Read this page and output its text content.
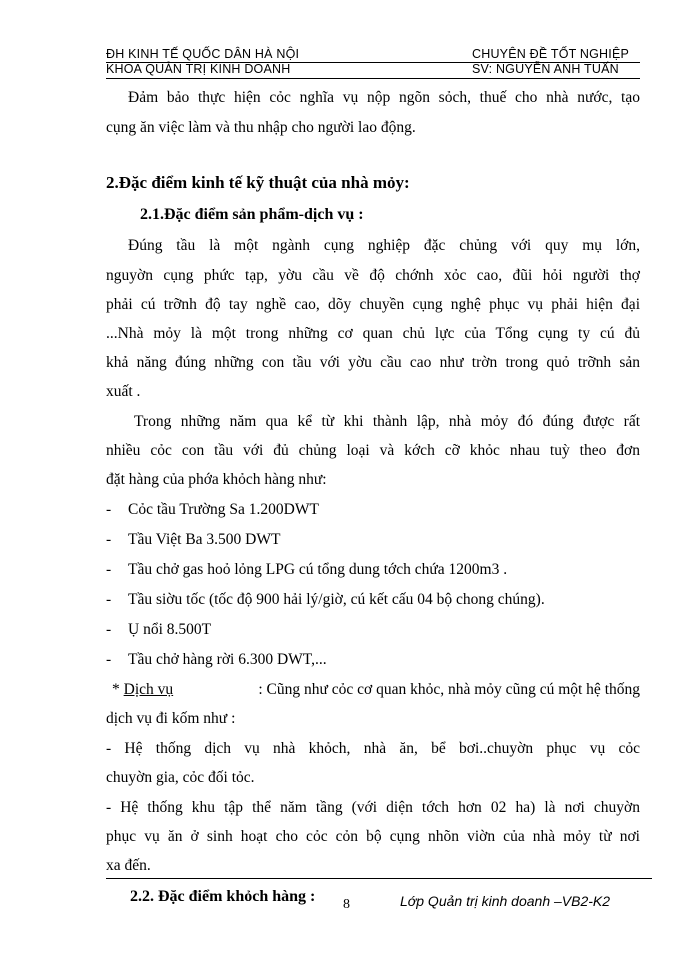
ĐH KINH TẾ QUỐC DÂN HÀ NỘI
KHOA QUẢN TRỊ KINH DOANH
CHUYÊN ĐỀ TỐT NGHIỆP
SV: NGUYỄN ANH TUẤN
Đảm bảo thực hiện cỏc nghĩa vụ nộp ngõn sỏch, thuế cho nhà nước, tạo
cụng ăn việc làm và thu nhập cho người lao động.
2.Đặc điểm kinh tế kỹ thuật của nhà mỏy:
2.1.Đặc điểm sản phẩm-dịch vụ :
Đúng tầu là một ngành cụng nghiệp đặc chủng với quy mụ lớn,
nguyờn cụng phức tạp, yờu cầu về độ chớnh xỏc cao, đũi hỏi người thợ
phải cú trỡnh độ tay nghề cao, dõy chuyền cụng nghệ phục vụ phải hiện đại
...Nhà mỏy là một trong những cơ quan chủ lực của Tổng cụng ty cú đủ
khả năng đúng những con tầu với yờu cầu cao như trờn trong quỏ trỡnh sản
xuất .
Trong những năm qua kể từ khi thành lập, nhà mỏy đó đúng được rất
nhiều cỏc con tầu với đủ chủng loại và kớch cỡ khỏc nhau tuỳ theo đơn
đặt hàng của phớa khỏch hàng như:
- Cỏc tầu Trường Sa 1.200DWT
- Tầu Việt Ba 3.500 DWT
- Tầu chở gas hoỏ lỏng LPG cú tổng dung tớch chứa 1200m3 .
- Tầu siờu tốc (tốc độ 900 hải lý/giờ, cú kết cấu 04 bộ chong chúng).
- Ụ nổi 8.500T
- Tầu chở hàng rời 6.300 DWT,...
* Dịch vụ	: Cũng như cỏc cơ quan khỏc, nhà mỏy cũng cú một hệ thống
dịch vụ đi kốm như :
- Hệ thống dịch vụ nhà khỏch, nhà ăn, bể bơi..chuyờn phục vụ cỏc
chuyờn gia, cỏc đối tỏc.
- Hệ thống khu tập thể năm tầng (với diện tớch hơn 02 ha) là nơi chuyờn
phục vụ ăn ở sinh hoạt cho cỏc cỏn bộ cụng nhõn viờn của nhà mỏy từ nơi
xa đến.
2.2. Đặc điểm khỏch hàng : 8	Lớp Quản trị kinh doanh –VB2-K2
